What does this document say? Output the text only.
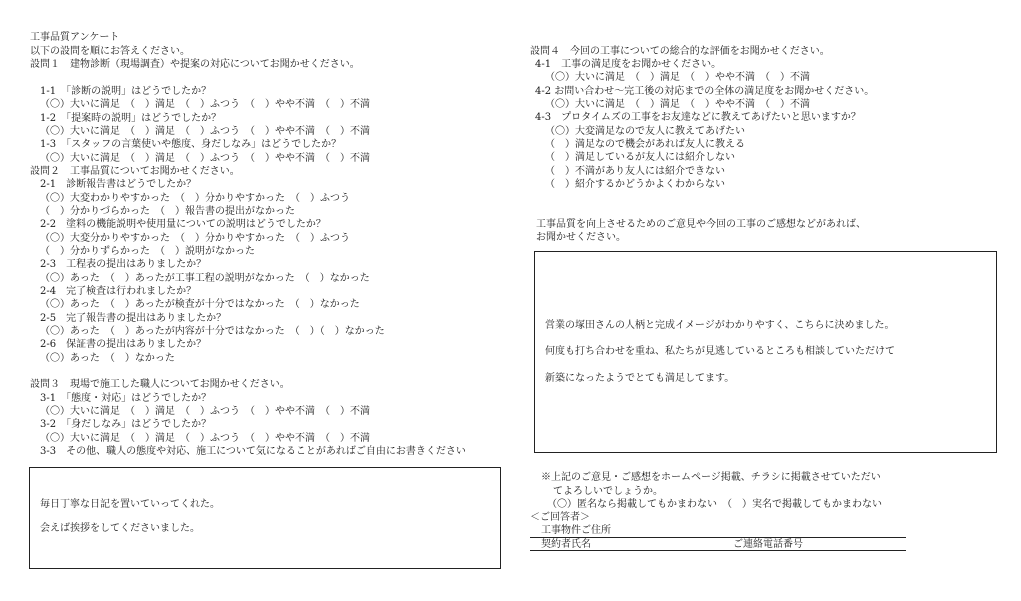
工事品質アンケート
以下の設問を順にお答えください。
設問１　建物診断（現場調査）や提案の対応についてお聞かせください。
1-1　「診断の説明」はどうでしたか？
（〇）大いに満足　（　）満足　（　）ふつう　（　）やや不満　（　）不満
1-2　「提案時の説明」はどうでしたか？
（〇）大いに満足　（　）満足　（　）ふつう　（　）やや不満　（　）不満
1-3　「スタッフの言葉使いや態度、身だしなみ」はどうでしたか？
（〇）大いに満足　（　）満足　（　）ふつう　（　）やや不満　（　）不満
設問２　工事品質についてお聞かせください。
2-1　診断報告書はどうでしたか？
（〇）大変わかりやすかった　（　）分かりやすかった　（　）ふつう
（　）分かりづらかった　（　）報告書の提出がなかった
2-2　塗料の機能説明や使用量についての説明はどうでしたか？
（〇）大変分かりやすかった　（　）分かりやすかった　（　）ふつう
（　）分かりずらかった　（　）説明がなかった
2-3　工程表の提出はありましたか？
（〇）あった　（　）あったが工事工程の説明がなかった　（　）なかった
2-4　完了検査は行われましたか？
（〇）あった　（　）あったが検査が十分ではなかった　（　）なかった
2-5　完了報告書の提出はありましたか？
（〇）あった　（　）あったが内容が十分ではなかった　（　）（　）なかった
2-6　保証書の提出はありましたか？
（〇）あった　（　）なかった
設問３　現場で施工した職人についてお聞かせください。
3-1　「態度・対応」はどうでしたか？
（〇）大いに満足　（　）満足　（　）ふつう　（　）やや不満　（　）不満
3-2　「身だしなみ」はどうでしたか？
（〇）大いに満足　（　）満足　（　）ふつう　（　）やや不満　（　）不満
3-3　その他、職人の態度や対応、施工について気になることがあればご自由にお書きください
毎日丁寧な日記を置いていってくれた。
会えば挨拶をしてくださいました。
設問４　今回の工事についての総合的な評価をお聞かせください。
4-1　工事の満足度をお聞かせください。
（〇）大いに満足　（　）満足　（　）やや不満　（　）不満
4-2 お問い合わせ〜完工後の対応までの全体の満足度をお聞かせください。
（〇）大いに満足　（　）満足　（　）やや不満　（　）不満
4-3　プロタイムズの工事をお友達などに教えてあげたいと思いますか？
（〇）大変満足なので友人に教えてあげたい
（　）満足なので機会があれば友人に教える
（　）満足しているが友人には紹介しない
（　）不満があり友人には紹介できない
（　）紹介するかどうかよくわからない
工事品質を向上させるためのご意見や今回の工事のご感想などがあれば、
お聞かせください。
営業の塚田さんの人柄と完成イメージがわかりやすく、こちらに決めました。
何度も打ち合わせを重ね、私たちが見逃しているところも相談していただけて
新築になったようでとても満足してます。
※上記のご意見・ご感想をホームページ掲載、チラシに掲載させていただい
てよろしいでしょうか。
（〇）匿名なら掲載してもかまわない　（　）実名で掲載してもかまわない
＜ご回答者＞
工事物件ご住所
契約者氏名	ご連絡電話番号
